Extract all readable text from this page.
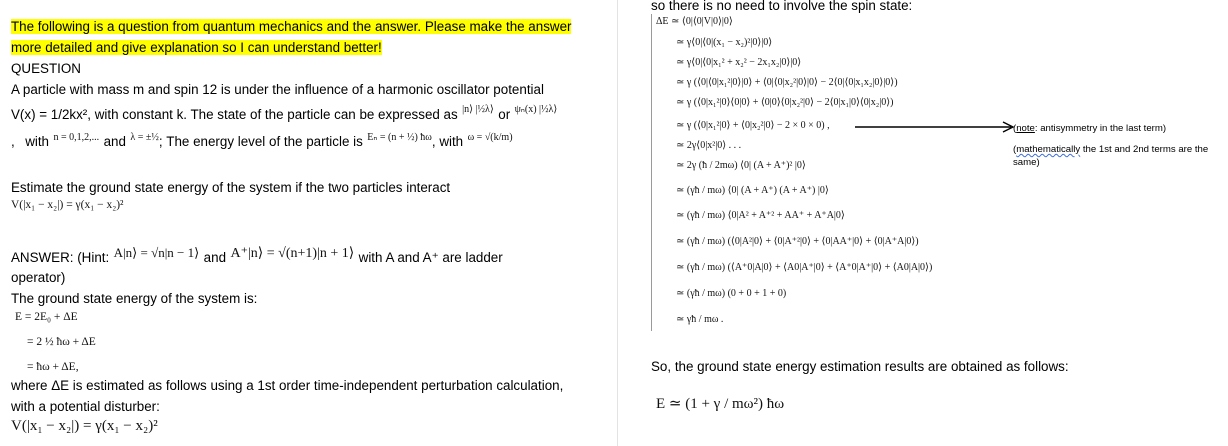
The following is a question from quantum mechanics and the answer. Please make the answer
more detailed and give explanation so I can understand better!
QUESTION
A particle with mass m and spin 12 is under the influence of a harmonic oscillator potential
$_{V(x) = 1/2kx^2, with constant k. The state of the particle can be expressed as}$ |n⟩ |½λ⟩ $_{or}$ ψₙ(x) |½λ⟩
$_,$ $_{with}$ n = 0,1,2,... $_{and}$ $\lambda = \pm\frac{1}{2}_{; The energy level of the particle is}$ Eₙ = (n + ½) $ħ\omega_{, with}$ ω = √(k/m)
Estimate the ground state energy of the system if the two particles interact
V(|x₁ − x₂|) = γ(x₁ − x₂)²
$_{ANSWER: (Hint:}$ A|n⟩ = √n|n − 1⟩ $_{and}$ A⁺|n⟩ = √(n+1)|n + 1⟩ $_{with A and A^+ are ladder}$
operator)
The ground state energy of the system is:
E = 2E₀ + ΔE
= 2 ½ ħω + ΔE
= ħω + ΔE,
where ΔE is estimated as follows using a 1st order time-independent perturbation calculation,
with a potential disturber:
V(|x₁ − x₂|) = γ(x₁ − x₂)²
so there is no need to involve the spin state:
ΔE ≃ ⟨0|⟨0|V|0⟩|0⟩
≃ γ⟨0|⟨0|(x₁ − x₂)²|0⟩|0⟩
≃ γ⟨0|⟨0|x₁² + x₂² − 2x₁x₂|0⟩|0⟩
≃ γ (⟨0|⟨0|x₁²|0⟩|0⟩ + ⟨0|⟨0|x₂²|0⟩|0⟩ − 2⟨0|⟨0|x₁x₂|0⟩|0⟩)
≃ γ (⟨0|x₁²|0⟩⟨0|0⟩ + ⟨0|0⟩⟨0|x₂²|0⟩ − 2⟨0|x₁|0⟩⟨0|x₂|0⟩)
≃ γ (⟨0|x₁²|0⟩ + ⟨0|x₂²|0⟩ − 2 × 0 × 0) ,
≃ 2γ⟨0|x²|0⟩ . . .
≃ 2γ (ħ / 2mω) ⟨0| (A + A⁺)² |0⟩
≃ (γħ / mω) ⟨0| (A + A⁺) (A + A⁺) |0⟩
≃ (γħ / mω) ⟨0|A² + A⁺² + AA⁺ + A⁺A|0⟩
≃ (γħ / mω) (⟨0|A²|0⟩ + ⟨0|A⁺²|0⟩ + ⟨0|AA⁺|0⟩ + ⟨0|A⁺A|0⟩)
≃ (γħ / mω) (⟨A⁺0|A|0⟩ + ⟨A0|A⁺|0⟩ + ⟨A⁺0|A⁺|0⟩ + ⟨A0|A|0⟩)
≃ (γħ / mω) (0 + 0 + 1 + 0)
≃ γħ / mω .
(note: antisymmetry in the last term)
(mathematically the 1st and 2nd terms are the
same)
So, the ground state energy estimation results are obtained as follows:
E ≃ (1 + γ / mω²) ħω
